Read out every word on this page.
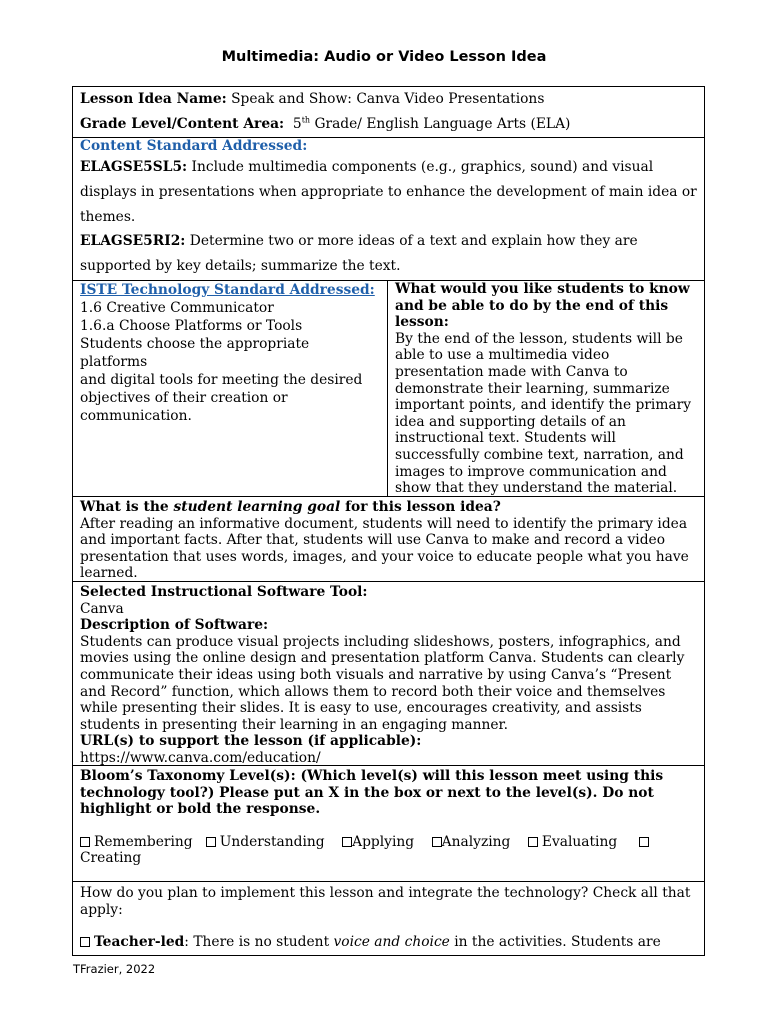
Multimedia: Audio or Video Lesson Idea
Lesson Idea Name: Speak and Show: Canva Video Presentations
Grade Level/Content Area: 5th Grade/ English Language Arts (ELA)
Content Standard Addressed:
ELAGSE5SL5: Include multimedia components (e.g., graphics, sound) and visual
displays in presentations when appropriate to enhance the development of main idea or
themes.
ELAGSE5RI2: Determine two or more ideas of a text and explain how they are
supported by key details; summarize the text.
ISTE Technology Standard Addressed:
1.6 Creative Communicator
1.6.a Choose Platforms or Tools
Students choose the appropriate platforms
and digital tools for meeting the desired
objectives of their creation or
communication.
What would you like students to know
and be able to do by the end of this
lesson:
By the end of the lesson, students will be
able to use a multimedia video
presentation made with Canva to
demonstrate their learning, summarize
important points, and identify the primary
idea and supporting details of an
instructional text. Students will
successfully combine text, narration, and
images to improve communication and
show that they understand the material.
What is the student learning goal for this lesson idea?
After reading an informative document, students will need to identify the primary idea
and important facts. After that, students will use Canva to make and record a video
presentation that uses words, images, and your voice to educate people what you have
learned.
Selected Instructional Software Tool:
Canva
Description of Software:
Students can produce visual projects including slideshows, posters, infographics, and
movies using the online design and presentation platform Canva. Students can clearly
communicate their ideas using both visuals and narrative by using Canva’s “Present
and Record” function, which allows them to record both their voice and themselves
while presenting their slides. It is easy to use, encourages creativity, and assists
students in presenting their learning in an engaging manner.
URL(s) to support the lesson (if applicable):
https://www.canva.com/education/
Bloom’s Taxonomy Level(s): (Which level(s) will this lesson meet using this
technology tool?) Please put an X in the box or next to the level(s). Do not
highlight or bold the response.
Remembering Understanding Applying Analyzing Evaluating
Creating
How do you plan to implement this lesson and integrate the technology? Check all that
apply:
Teacher-led: There is no student voice and choice in the activities. Students are
TFrazier, 2022
